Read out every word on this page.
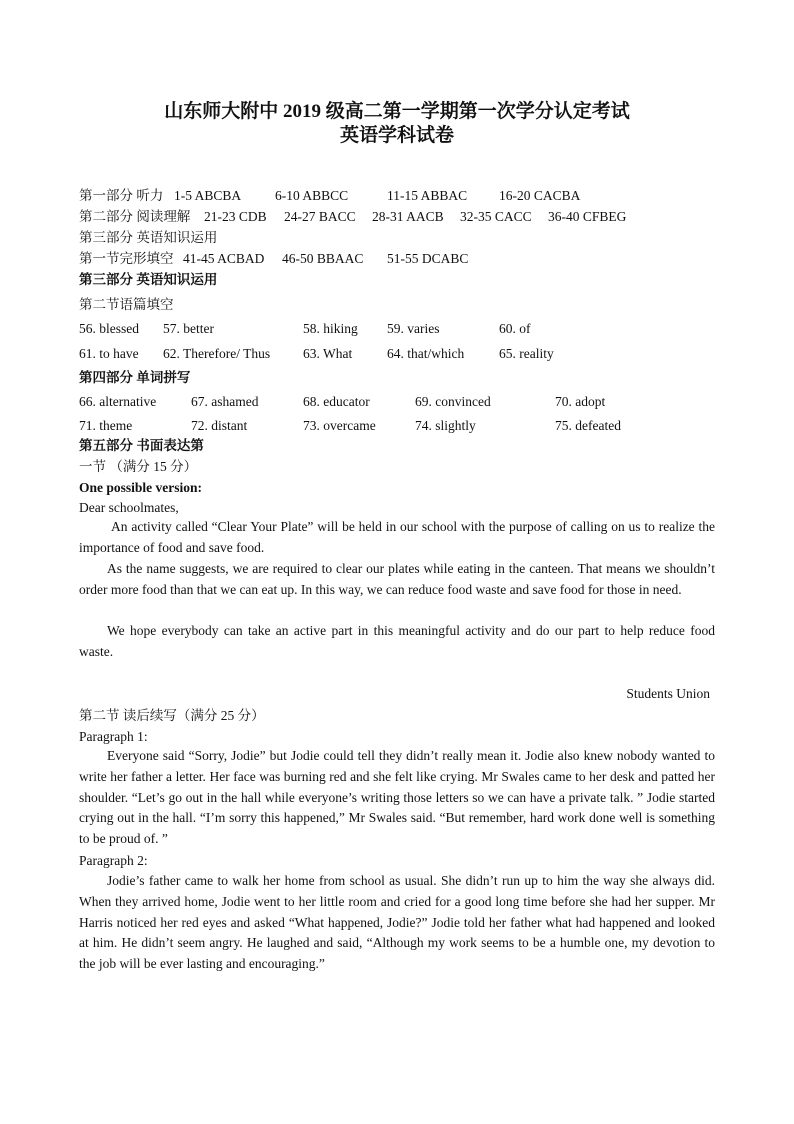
山东师大附中 2019 级高二第一学期第一次学分认定考试
英语学科试卷
第一部分 听力 1-5 ABCBA	6-10 ABBCC	11-15 ABBAC 16-20 CACBA
第二部分 阅读理解 21-23 CDB 24-27 BACC 28-31 AACB 32-35 CACC 36-40 CFBEG
第三部分 英语知识运用
第一节完形填空 41-45 ACBAD 46-50 BBAAC 51-55 DCABC
第三部分 英语知识运用
第二节语篇填空
56. blessed 57. better	58. hiking 59. varies	60. of
61. to have 62. Therefore/ Thus 63. What	64. that/which	65. reality
第四部分 单词拼写
66. alternative	67. ashamed	68. educator	69. convinced	70. adopt
71. theme	72. distant	73. overcame	74. slightly	75. defeated
第五部分 书面表达第
一节 （满分 15 分）
One possible version:
Dear schoolmates,
An activity called “Clear Your Plate” will be held in our school with the purpose of calling on us to realize the importance of food and save food.
As the name suggests, we are required to clear our plates while eating in the canteen. That means we shouldn’t order more food than that we can eat up. In this way, we can reduce food waste and save food for those in need.
We hope everybody can take an active part in this meaningful activity and do our part to help reduce food waste.
Students Union
第二节 读后续写（满分 25 分）
Paragraph 1:
Everyone said “Sorry, Jodie” but Jodie could tell they didn’t really mean it. Jodie also knew nobody wanted to write her father a letter. Her face was burning red and she felt like crying. Mr Swales came to her desk and patted her shoulder. “Let’s go out in the hall while everyone’s writing those letters so we can have a private talk. ” Jodie started crying out in the hall. “I’m sorry this happened,” Mr Swales said. “But remember, hard work done well is something to be proud of. ”
Paragraph 2:
Jodie’s father came to walk her home from school as usual. She didn’t run up to him the way she always did. When they arrived home, Jodie went to her little room and cried for a good long time before she had her supper. Mr Harris noticed her red eyes and asked “What happened, Jodie?” Jodie told her father what had happened and looked at him. He didn’t seem angry. He laughed and said, “Although my work seems to be a humble one, my devotion to the job will be ever lasting and encouraging.”
